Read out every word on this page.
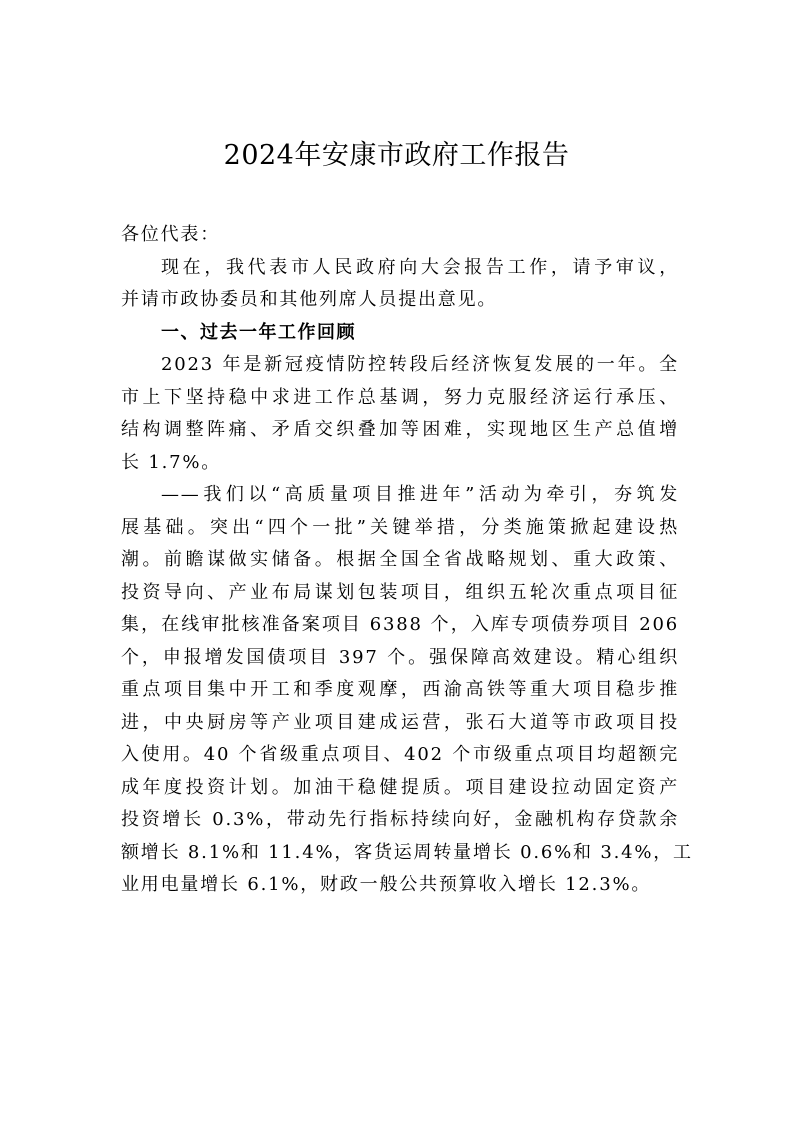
2024年安康市政府工作报告

各位代表：

现在，我代表市人民政府向大会报告工作，请予审议，
并请市政协委员和其他列席人员提出意见。

一、过去一年工作回顾

2023 年是新冠疫情防控转段后经济恢复发展的一年。全
市上下坚持稳中求进工作总基调，努力克服经济运行承压、
结构调整阵痛、矛盾交织叠加等困难，实现地区生产总值增
长 1.7%。

——我们以“高质量项目推进年”活动为牵引，夯筑发
展基础。突出“四个一批”关键举措，分类施策掀起建设热
潮。前瞻谋做实储备。根据全国全省战略规划、重大政策、
投资导向、产业布局谋划包装项目，组织五轮次重点项目征
集，在线审批核准备案项目 6388 个，入库专项债券项目 206
个，申报增发国债项目 397 个。强保障高效建设。精心组织
重点项目集中开工和季度观摩，西渝高铁等重大项目稳步推
进，中央厨房等产业项目建成运营，张石大道等市政项目投
入使用。40 个省级重点项目、402 个市级重点项目均超额完
成年度投资计划。加油干稳健提质。项目建设拉动固定资产
投资增长 0.3%，带动先行指标持续向好，金融机构存贷款余
额增长 8.1%和 11.4%，客货运周转量增长 0.6%和 3.4%，工
业用电量增长 6.1%，财政一般公共预算收入增长 12.3%。
